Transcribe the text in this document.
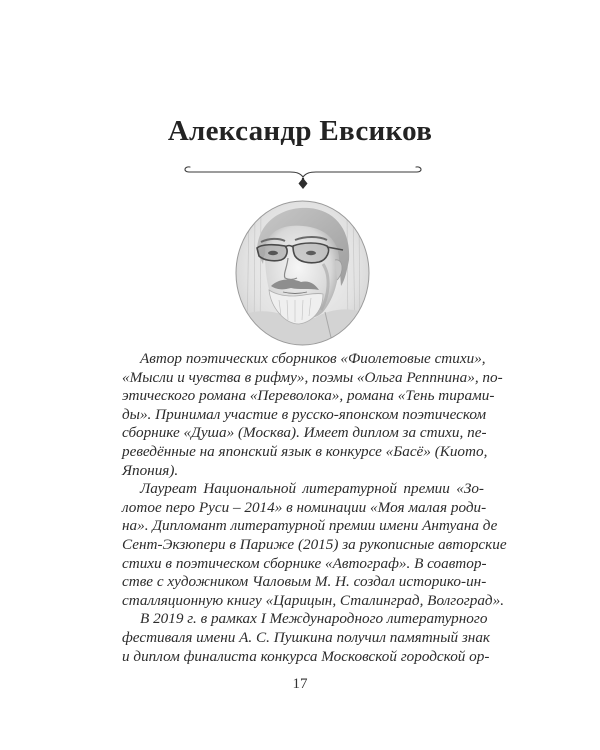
Александр Евсиков

Автор поэтических сборников «Фиолетовые стихи»,
«Мысли и чувства в рифму», поэмы «Ольга Реппнина», по-
этического романа «Переволока», романа «Тень тирами-
ды». Принимал участие в русско-японском поэтическом
сборнике «Душа» (Москва). Имеет диплом за стихи, пе-
реведённые на японский язык в конкурсе «Басё» (Киото,
Япония).

Лауреат Национальной литературной премии «Зо-
лотое перо Руси – 2014» в номинации «Моя малая роди-
на». Дипломант литературной премии имени Антуана де
Сент-Экзюпери в Париже (2015) за рукописные авторские
стихи в поэтическом сборнике «Автограф». В соавтор-
стве с художником Чаловым М. Н. создал историко-ин-
сталляционную книгу «Царицын, Сталинград, Волгоград».

В 2019 г. в рамках I Международного литературного
фестиваля имени А. С. Пушкина получил памятный знак
и диплом финалиста конкурса Московской городской ор-

17
